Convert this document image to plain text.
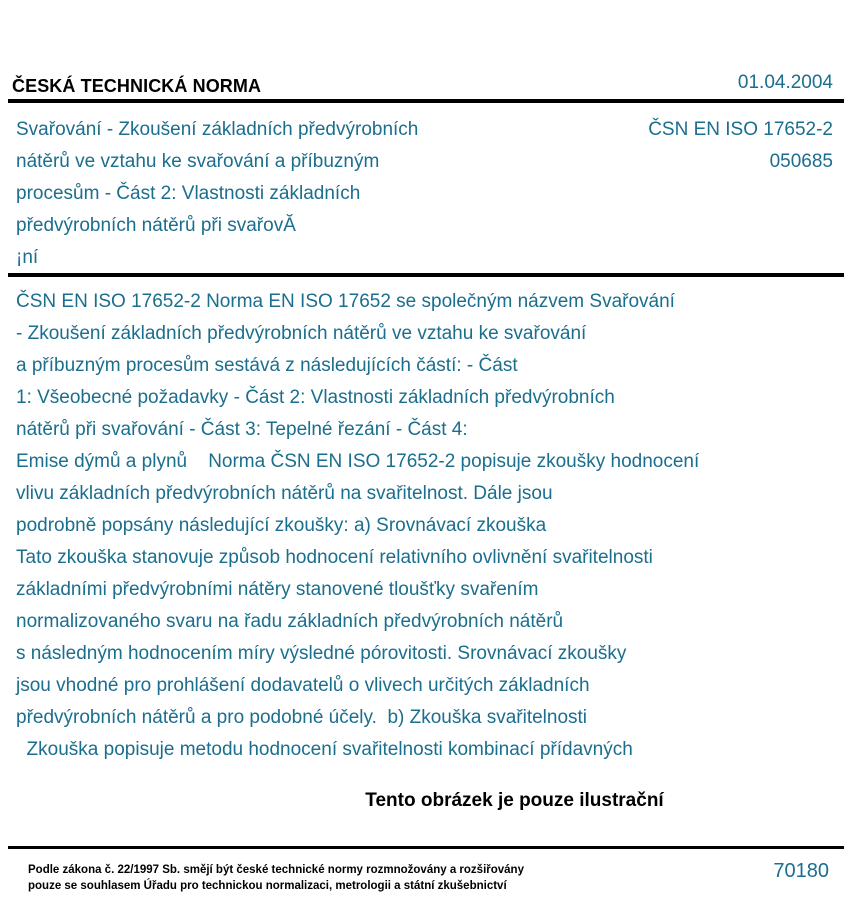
ČESKÁ TECHNICKÁ NORMA	01.04.2004
Svařování - Zkoušení základních předvýrobních
nátěrů ve vztahu ke svařování a příbuzným
procesům - Část 2: Vlastnosti základních
předvýrobních nátěrů při svařovĂ
¡ní
ČSN EN ISO 17652-2
050685
ČSN EN ISO 17652-2 Norma EN ISO 17652 se společným názvem Svařování
- Zkoušení základních předvýrobních nátěrů ve vztahu ke svařování
a příbuzným procesům sestává z následujících částí: - Část
1: Všeobecné požadavky - Část 2: Vlastnosti základních předvýrobních
nátěrů při svařování - Část 3: Tepelné řezání - Část 4:
Emise dýmů a plynů    Norma ČSN EN ISO 17652-2 popisuje zkoušky hodnocení
vlivu základních předvýrobních nátěrů na svařitelnost. Dále jsou
podrobně popsány následující zkoušky: a) Srovnávací zkouška
Tato zkouška stanovuje způsob hodnocení relativního ovlivnění svařitelnosti
základními předvýrobními nátěry stanovené tloušťky svařením
normalizovaného svaru na řadu základních předvýrobních nátěrů
s následným hodnocením míry výsledné pórovitosti. Srovnávací zkoušky
jsou vhodné pro prohlášení dodavatelů o vlivech určitých základních
předvýrobních nátěrů a pro podobné účely.  b) Zkouška svařitelnosti
Zkouška popisuje metodu hodnocení svařitelnosti kombinací přídavných
Tento obrázek je pouze ilustrační
Podle zákona č. 22/1997 Sb. smějí být české technické normy rozmnožovány a rozšiřovány
pouze se souhlasem Úřadu pro technickou normalizaci, metrologii a státní zkušebnictví
70180
